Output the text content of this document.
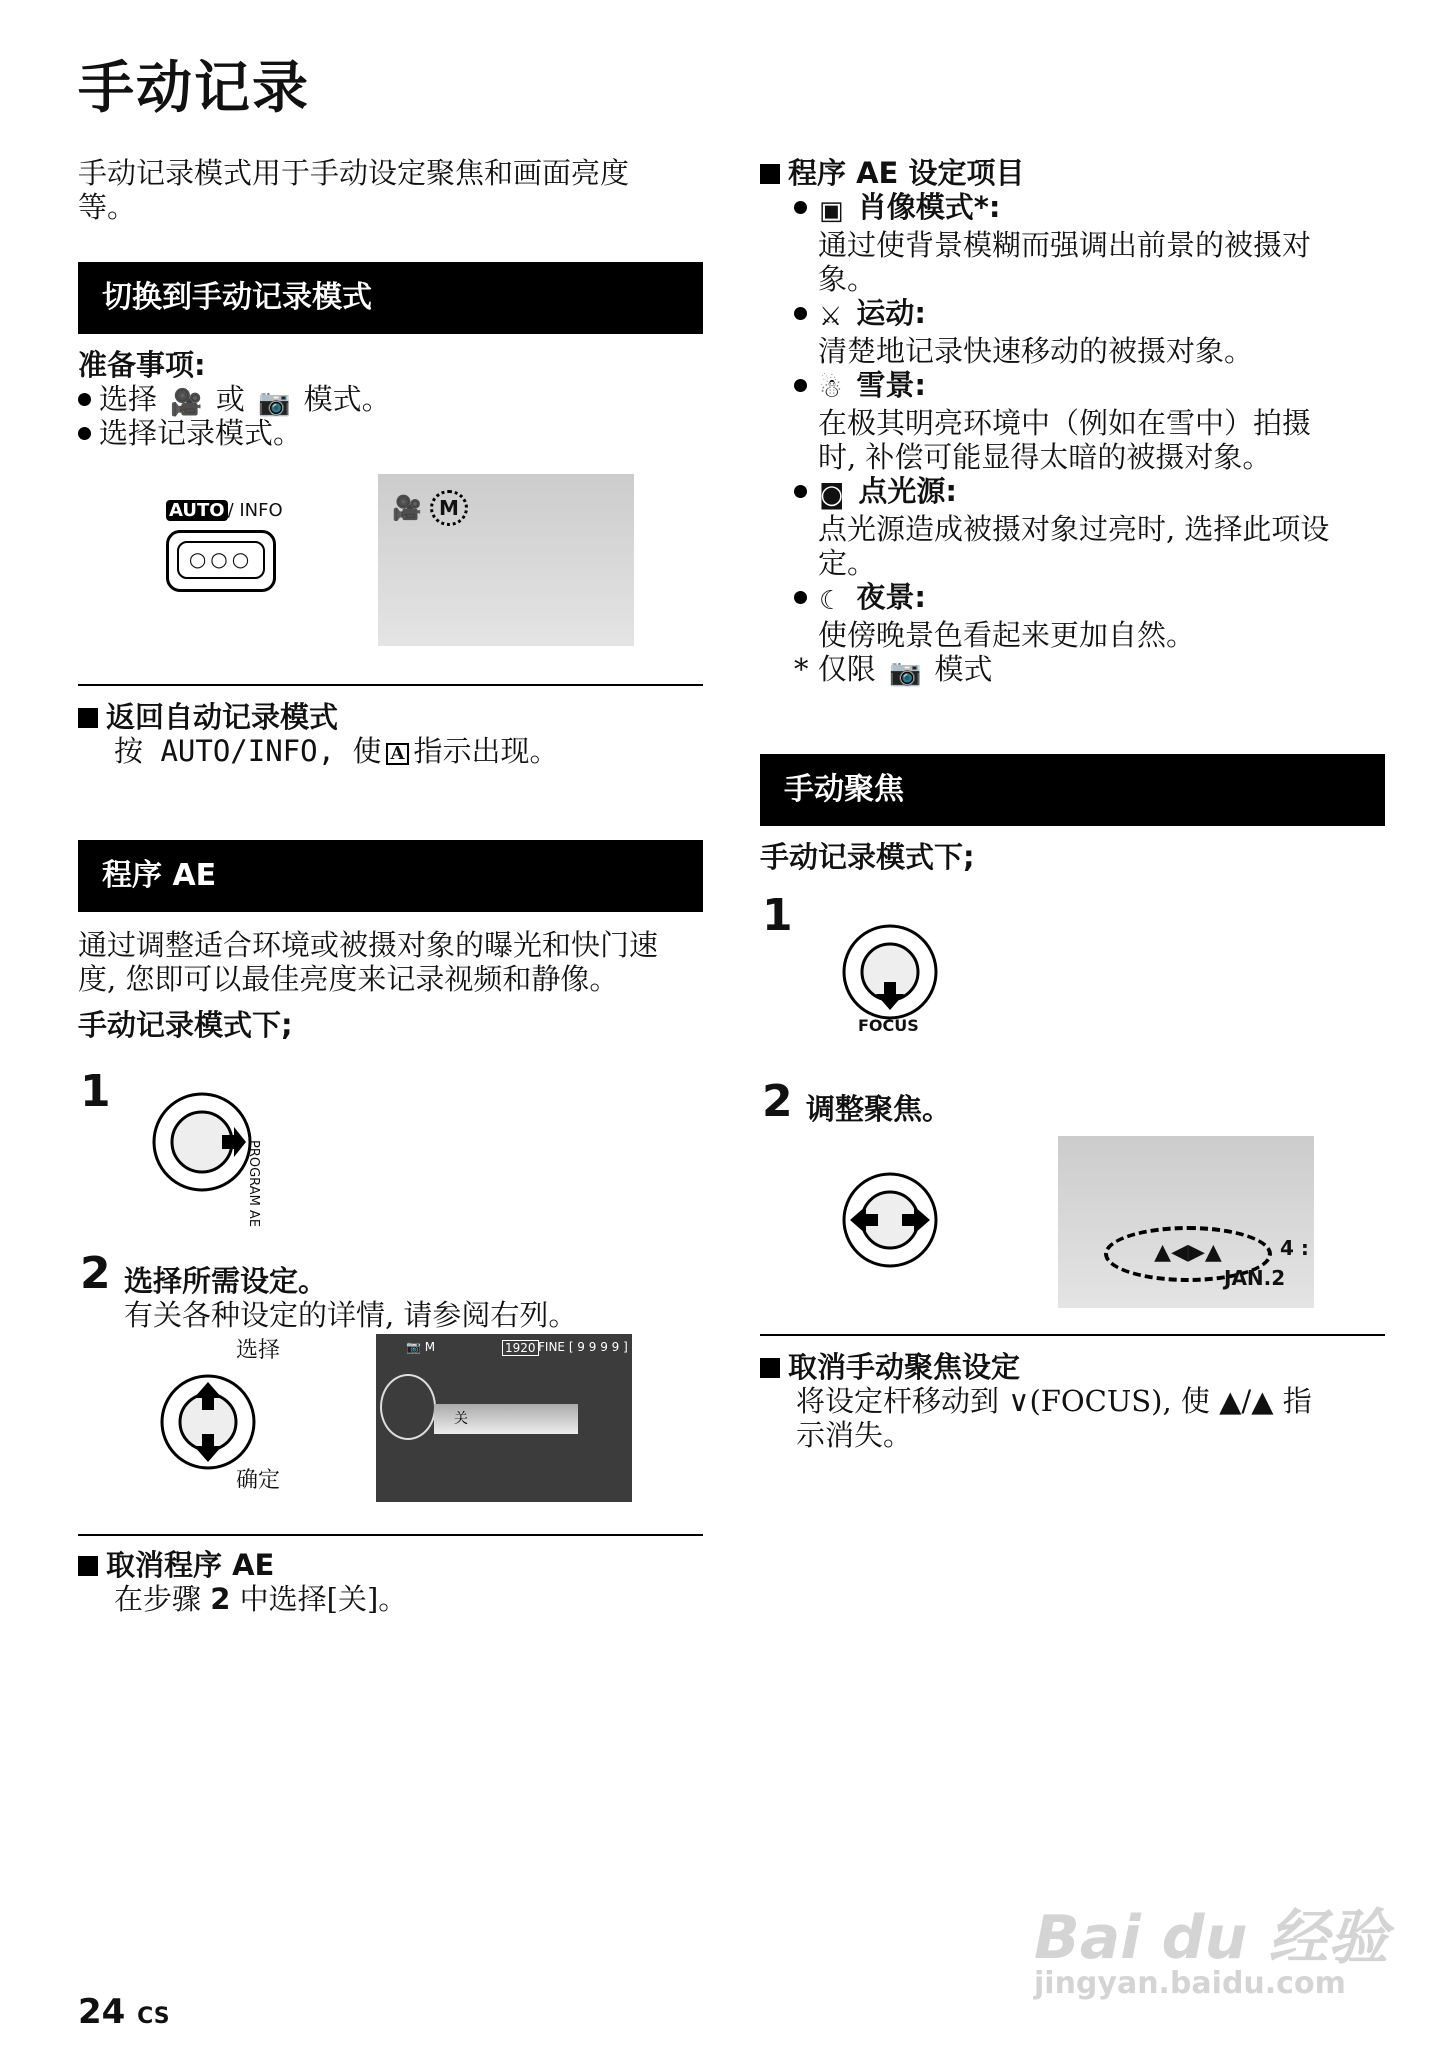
手动记录
手动记录模式用于手动设定聚焦和画面亮度
等。
切换到手动记录模式
准备事项:
选择 🎥 或 📷 模式。
选择记录模式。
AUTO / INFO
○○○
🎥 M
返回自动记录模式
按 AUTO/INFO, 使 A 指示出现。
程序 AE
通过调整适合环境或被摄对象的曝光和快门速
度, 您即可以最佳亮度来记录视频和静像。
手动记录模式下;
1
PROGRAM AE
2 选择所需设定。
有关各种设定的详情, 请参阅右列。
选择
确定
📷 M	1920 FINE [ 9 9 9 9 ]
关
取消程序 AE
在步骤 2 中选择[关]。
程序 AE 设定项目
▣ 肖像模式*:
通过使背景模糊而强调出前景的被摄对
象。
⚔ 运动:
清楚地记录快速移动的被摄对象。
☃ 雪景:
在极其明亮环境中（例如在雪中）拍摄
时, 补偿可能显得太暗的被摄对象。
◙ 点光源:
点光源造成被摄对象过亮时, 选择此项设
定。
☾ 夜景:
使傍晚景色看起来更加自然。
* 仅限 📷 模式
手动聚焦
手动记录模式下;
1
FOCUS
2 调整聚焦。
▲◀▶▲	4 :
JAN.2
取消手动聚焦设定
将设定杆移动到 ∨(FOCUS), 使 ▲/▲ 指
示消失。
Bai du 经验
jingyan.baidu.com
24 CS
